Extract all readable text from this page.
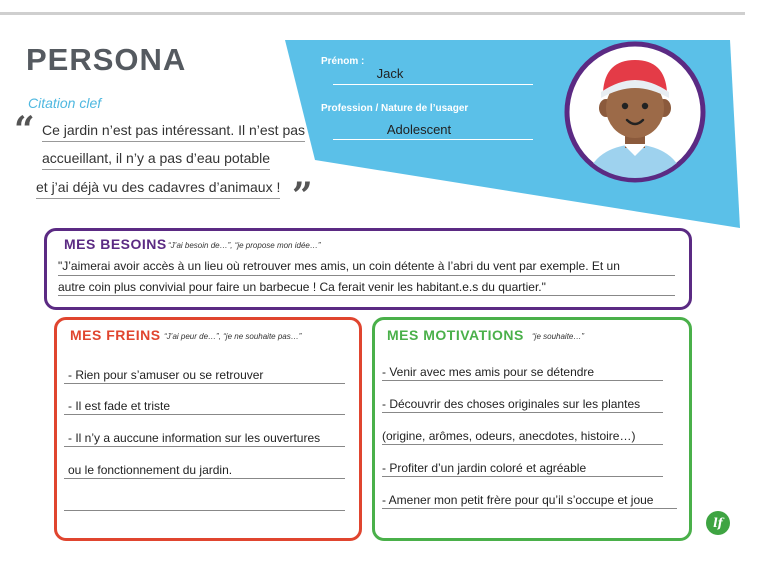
PERSONA
Citation clef
“ Ce jardin n’est pas intéressant. Il n’est pas
accueillant, il n’y a pas d’eau potable
et j’ai déjà vu des cadavres d’animaux ! ”
Prénom :
Jack
Profession / Nature de l’usager
Adolescent
MES BESOINS “J’ai besoin de…”, “je propose mon idée…”
"J’aimerai avoir accès à un lieu où retrouver mes amis, un coin détente à l’abri du vent par exemple. Et un
autre coin plus convivial pour faire un barbecue ! Ca ferait venir les habitant.e.s du quartier."
MES FREINS “J’ai peur de…”, “je ne souhaite pas…”
- Rien pour s’amuser ou se retrouver
- Il est fade et triste
- Il n’y a auccune information sur les ouvertures
ou le fonctionnement du jardin.
MES MOTIVATIONS “je souhaite…”
- Venir avec mes amis pour se détendre
- Découvrir des choses originales sur les plantes
(origine, arômes, odeurs, anecdotes, histoire…)
- Profiter d’un jardin coloré et agréable
- Amener mon petit frère pour qu’il s’occupe et joue
lf
